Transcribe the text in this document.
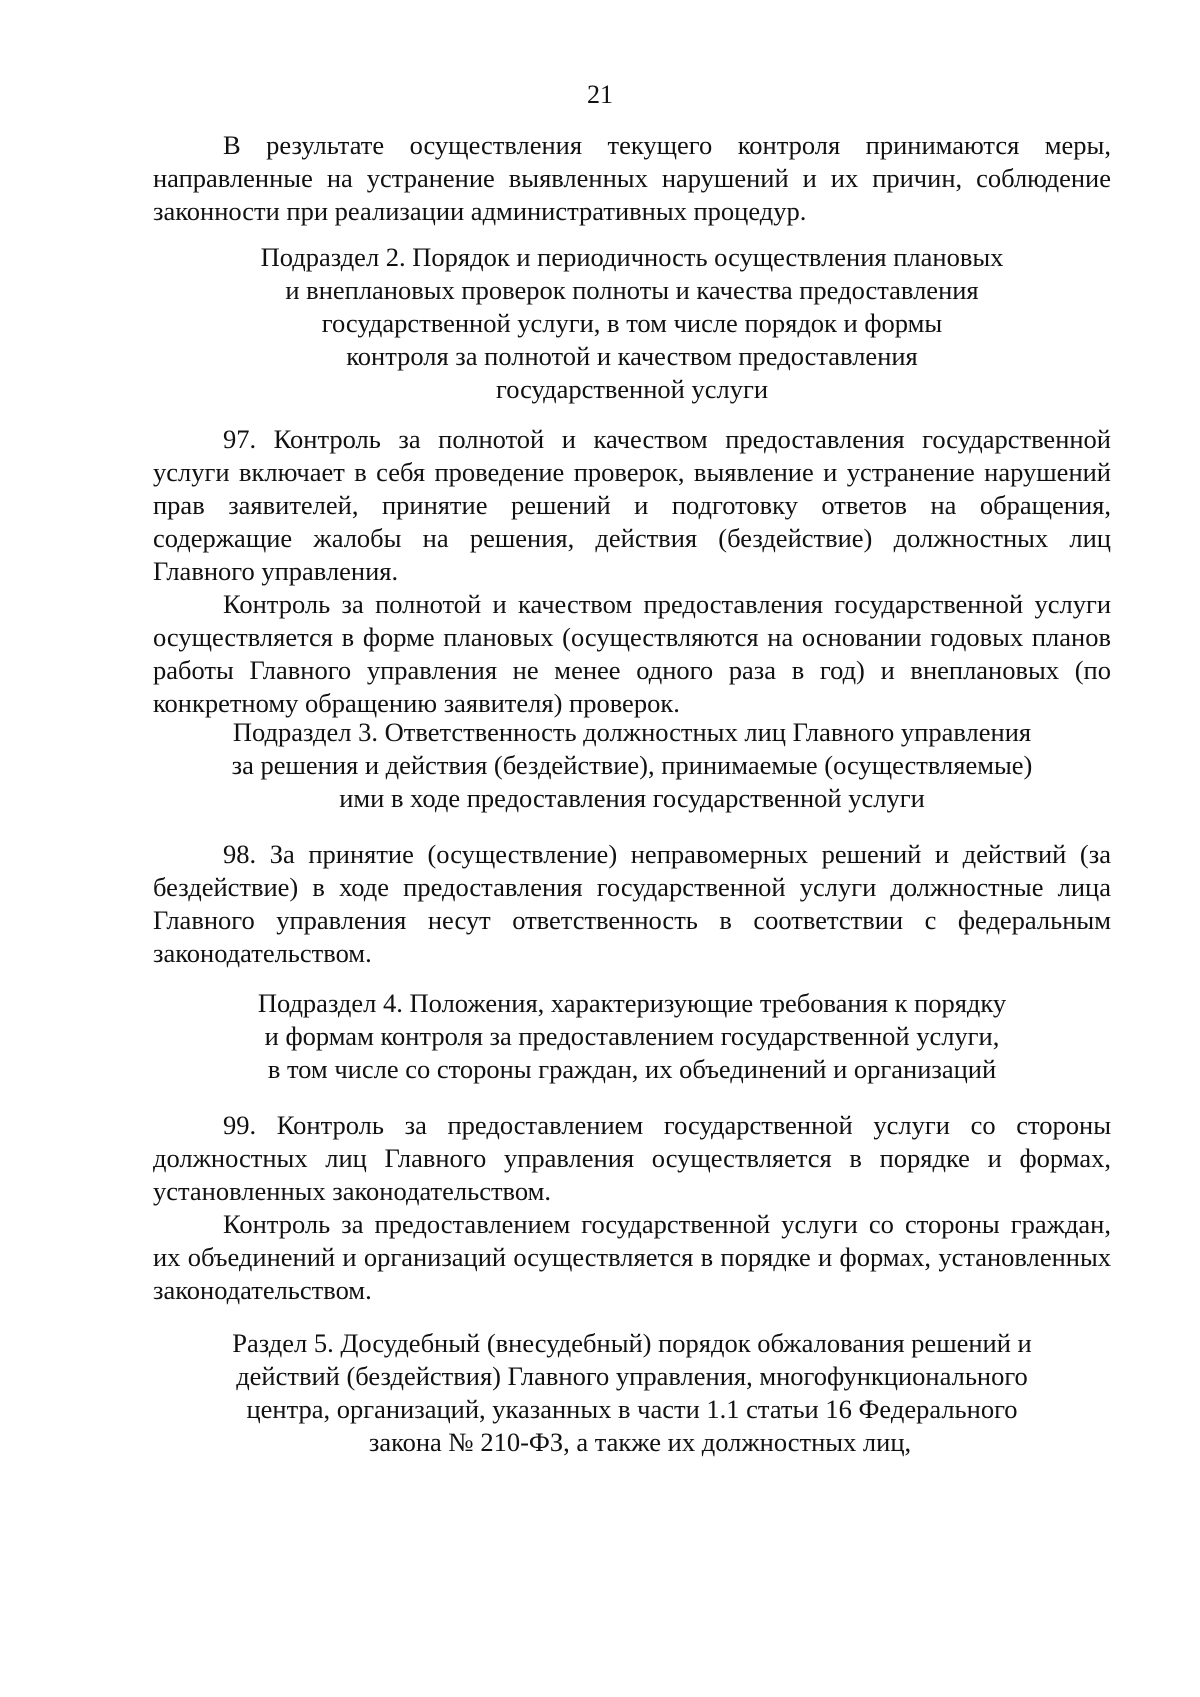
21

В результате осуществления текущего контроля принимаются меры, направленные на устранение выявленных нарушений и их причин, соблюдение законности при реализации административных процедур.

Подраздел 2. Порядок и периодичность осуществления плановых
и внеплановых проверок полноты и качества предоставления
государственной услуги, в том числе порядок и формы
контроля за полнотой и качеством предоставления
государственной услуги

97. Контроль за полнотой и качеством предоставления государственной услуги включает в себя проведение проверок, выявление и устранение нарушений прав заявителей, принятие решений и подготовку ответов на обращения, содержащие жалобы на решения, действия (бездействие) должностных лиц Главного управления.

Контроль за полнотой и качеством предоставления государственной услуги осуществляется в форме плановых (осуществляются на основании годовых планов работы Главного управления не менее одного раза в год) и внеплановых (по конкретному обращению заявителя) проверок.

Подраздел 3. Ответственность должностных лиц Главного управления
за решения и действия (бездействие), принимаемые (осуществляемые)
ими в ходе предоставления государственной услуги

98. За принятие (осуществление) неправомерных решений и действий (за бездействие) в ходе предоставления государственной услуги должностные лица Главного управления несут ответственность в соответствии с федеральным законодательством.

Подраздел 4. Положения, характеризующие требования к порядку
и формам контроля за предоставлением государственной услуги,
в том числе со стороны граждан, их объединений и организаций

99. Контроль за предоставлением государственной услуги со стороны должностных лиц Главного управления осуществляется в порядке и формах, установленных законодательством.

Контроль за предоставлением государственной услуги со стороны граждан, их объединений и организаций осуществляется в порядке и формах, установленных законодательством.

Раздел 5. Досудебный (внесудебный) порядок обжалования решений и
действий (бездействия) Главного управления, многофункционального
центра, организаций, указанных в части 1.1 статьи 16 Федерального
закона № 210-ФЗ, а также их должностных лиц,
